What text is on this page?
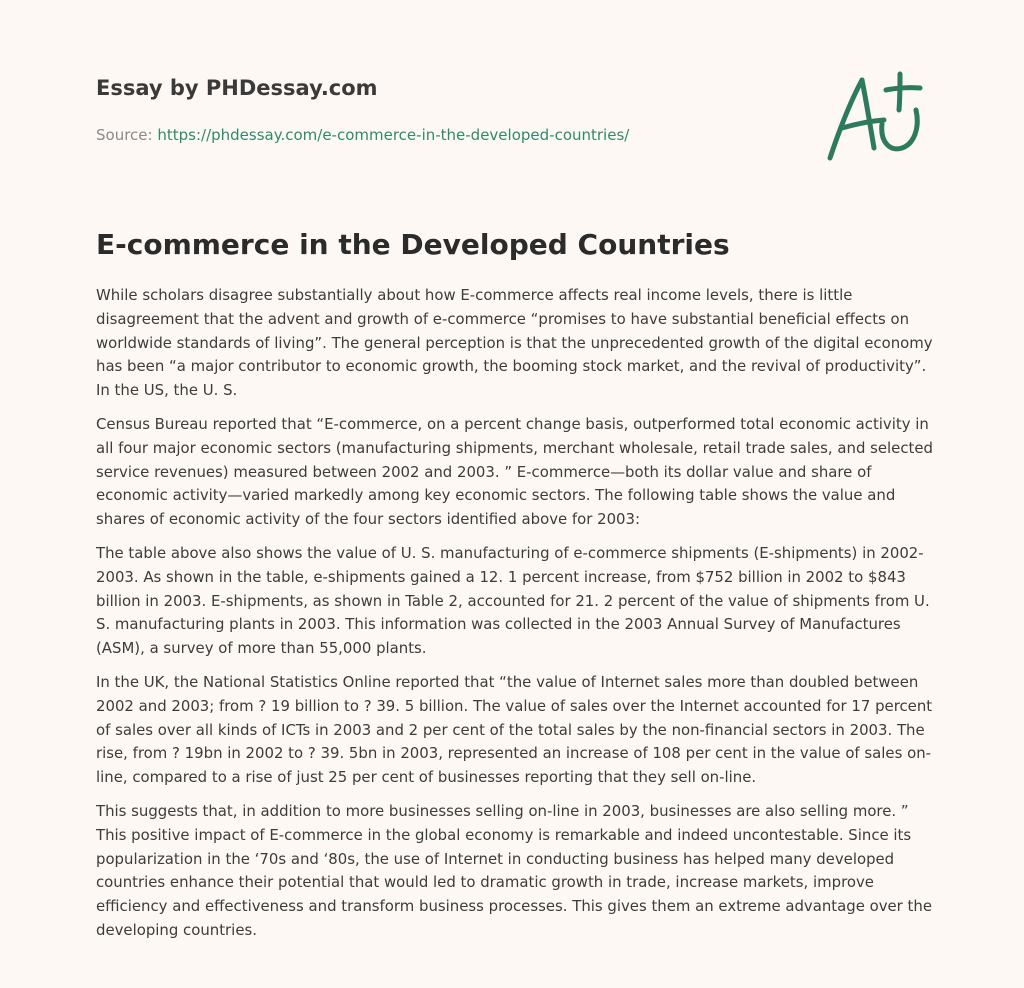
Essay by PHDessay.com
Source: https://phdessay.com/e-commerce-in-the-developed-countries/
E-commerce in the Developed Countries

While scholars disagree substantially about how E-commerce affects real income levels, there is little disagreement that the advent and growth of e-commerce “promises to have substantial beneficial effects on worldwide standards of living”. The general perception is that the unprecedented growth of the digital economy has been “a major contributor to economic growth, the booming stock market, and the revival of productivity”. In the US, the U. S.

Census Bureau reported that “E-commerce, on a percent change basis, outperformed total economic activity in all four major economic sectors (manufacturing shipments, merchant wholesale, retail trade sales, and selected service revenues) measured between 2002 and 2003. ” E-commerce—both its dollar value and share of economic activity—varied markedly among key economic sectors. The following table shows the value and shares of economic activity of the four sectors identified above for 2003:

The table above also shows the value of U. S. manufacturing of e-commerce shipments (E-shipments) in 2002-2003. As shown in the table, e-shipments gained a 12. 1 percent increase, from $752 billion in 2002 to $843 billion in 2003. E-shipments, as shown in Table 2, accounted for 21. 2 percent of the value of shipments from U. S. manufacturing plants in 2003. This information was collected in the 2003 Annual Survey of Manufactures (ASM), a survey of more than 55,000 plants.

In the UK, the National Statistics Online reported that “the value of Internet sales more than doubled between 2002 and 2003; from ? 19 billion to ? 39. 5 billion. The value of sales over the Internet accounted for 17 percent of sales over all kinds of ICTs in 2003 and 2 per cent of the total sales by the non-financial sectors in 2003. The rise, from ? 19bn in 2002 to ? 39. 5bn in 2003, represented an increase of 108 per cent in the value of sales on-line, compared to a rise of just 25 per cent of businesses reporting that they sell on-line.

This suggests that, in addition to more businesses selling on-line in 2003, businesses are also selling more. ” This positive impact of E-commerce in the global economy is remarkable and indeed uncontestable. Since its popularization in the ‘70s and ‘80s, the use of Internet in conducting business has helped many developed countries enhance their potential that would led to dramatic growth in trade, increase markets, improve efficiency and effectiveness and transform business processes. This gives them an extreme advantage over the developing countries.
